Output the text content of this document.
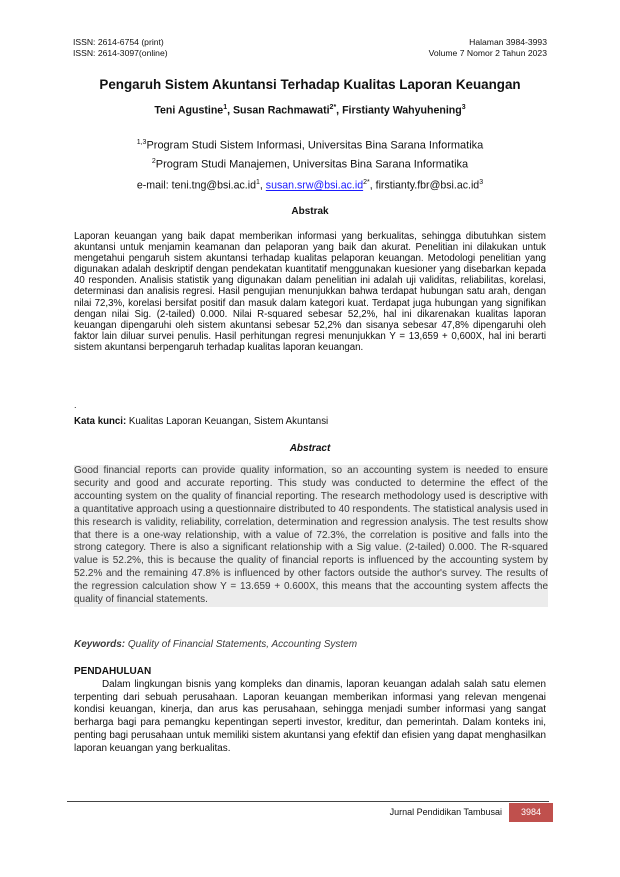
ISSN: 2614-6754 (print)	Halaman 3984-3993
ISSN: 2614-3097(online)	Volume 7 Nomor 2 Tahun 2023
Pengaruh Sistem Akuntansi Terhadap Kualitas Laporan Keuangan
Teni Agustine$^1$, Susan Rachmawati$^{2*}$, Firstianty Wahyuhening$^3$
$^{1,3}$Program Studi Sistem Informasi, Universitas Bina Sarana Informatika
$^2$Program Studi Manajemen, Universitas Bina Sarana Informatika
e-mail: $teni.tng@bsi.ac.id^1$, $susan.srw@bsi.ac.id^{2*}$, $firstianty.fbr@bsi.ac.id^3$
Abstrak
Laporan keuangan yang baik dapat memberikan informasi yang berkualitas, sehingga dibutuhkan sistem akuntansi untuk menjamin keamanan dan pelaporan yang baik dan akurat. Penelitian ini dilakukan untuk mengetahui pengaruh sistem akuntansi terhadap kualitas pelaporan keuangan. Metodologi penelitian yang digunakan adalah deskriptif dengan pendekatan kuantitatif menggunakan kuesioner yang disebarkan kepada 40 responden. Analisis statistik yang digunakan dalam penelitian ini adalah uji validitas, reliabilitas, korelasi, determinasi dan analisis regresi. Hasil pengujian menunjukkan bahwa terdapat hubungan satu arah, dengan nilai 72,3%, korelasi bersifat positif dan masuk dalam kategori kuat. Terdapat juga hubungan yang signifikan dengan nilai Sig. (2-tailed) 0.000. Nilai R-squared sebesar 52,2%, hal ini dikarenakan kualitas laporan keuangan dipengaruhi oleh sistem akuntansi sebesar 52,2% dan sisanya sebesar 47,8% dipengaruhi oleh faktor lain diluar survei penulis. Hasil perhitungan regresi menunjukkan Y = 13,659 + 0,600X, hal ini berarti sistem akuntansi berpengaruh terhadap kualitas laporan keuangan.
.
Kata kunci: Kualitas Laporan Keuangan, Sistem Akuntansi
Abstract
Good financial reports can provide quality information, so an accounting system is needed to ensure security and good and accurate reporting. This study was conducted to determine the effect of the accounting system on the quality of financial reporting. The research methodology used is descriptive with a quantitative approach using a questionnaire distributed to 40 respondents. The statistical analysis used in this research is validity, reliability, correlation, determination and regression analysis. The test results show that there is a one-way relationship, with a value of 72.3%, the correlation is positive and falls into the strong category. There is also a significant relationship with a Sig value. (2-tailed) 0.000. The R-squared value is 52.2%, this is because the quality of financial reports is influenced by the accounting system by 52.2% and the remaining 47.8% is influenced by other factors outside the author's survey. The results of the regression calculation show Y = 13.659 + 0.600X, this means that the accounting system affects the quality of financial statements.
Keywords: Quality of Financial Statements, Accounting System
PENDAHULUAN
Dalam lingkungan bisnis yang kompleks dan dinamis, laporan keuangan adalah salah satu elemen terpenting dari sebuah perusahaan. Laporan keuangan memberikan informasi yang relevan mengenai kondisi keuangan, kinerja, dan arus kas perusahaan, sehingga menjadi sumber informasi yang sangat berharga bagi para pemangku kepentingan seperti investor, kreditur, dan pemerintah. Dalam konteks ini, penting bagi perusahaan untuk memiliki sistem akuntansi yang efektif dan efisien yang dapat menghasilkan laporan keuangan yang berkualitas.
Jurnal Pendidikan Tambusai	3984
